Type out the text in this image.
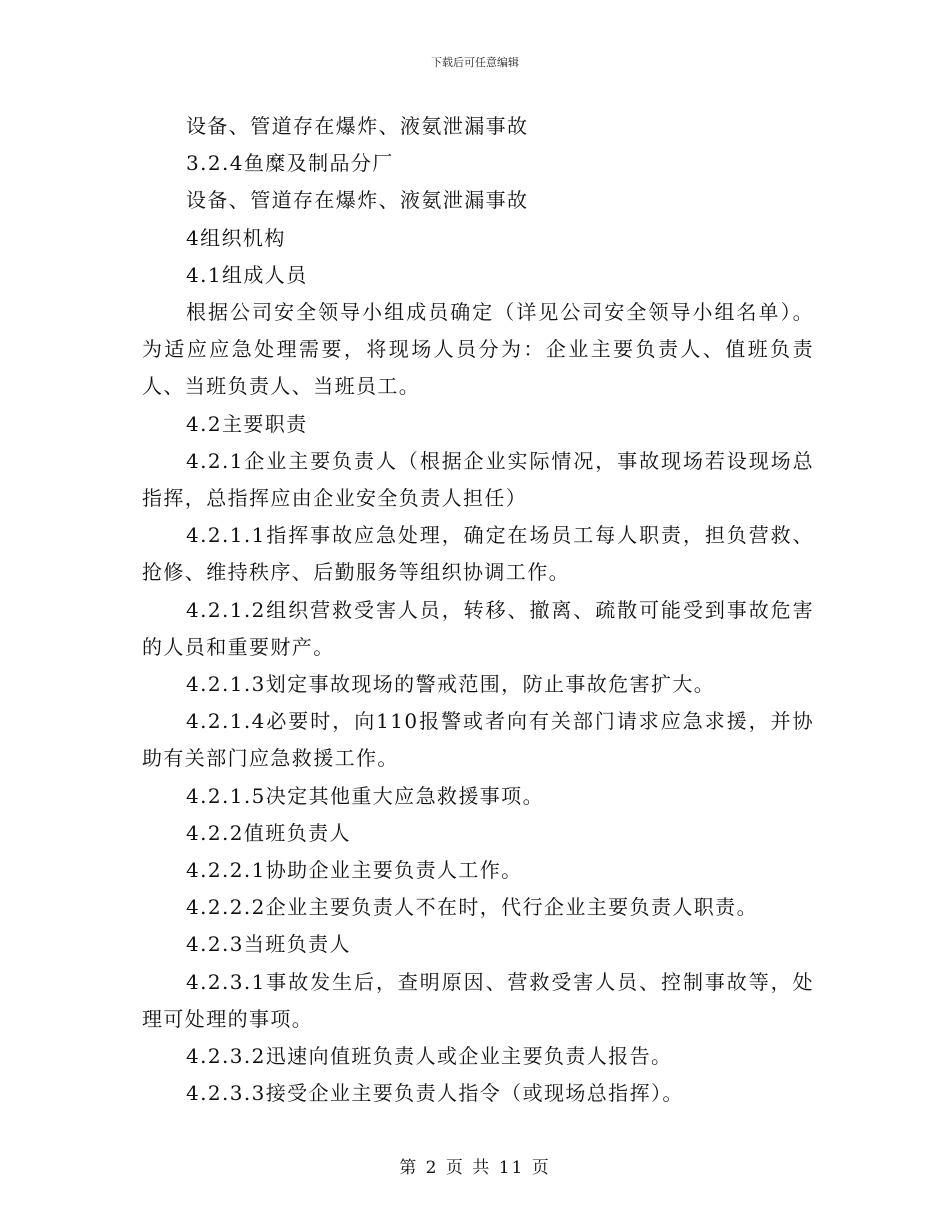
下载后可任意编辑

设备、管道存在爆炸、液氨泄漏事故

3.2.4鱼糜及制品分厂

设备、管道存在爆炸、液氨泄漏事故

4组织机构

4.1组成人员

根据公司安全领导小组成员确定（详见公司安全领导小组名单）。为适应应急处理需要，将现场人员分为：企业主要负责人、值班负责人、当班负责人、当班员工。

4.2主要职责

4.2.1企业主要负责人（根据企业实际情况，事故现场若设现场总指挥，总指挥应由企业安全负责人担任）

4.2.1.1指挥事故应急处理，确定在场员工每人职责，担负营救、抢修、维持秩序、后勤服务等组织协调工作。

4.2.1.2组织营救受害人员，转移、撤离、疏散可能受到事故危害的人员和重要财产。

4.2.1.3划定事故现场的警戒范围，防止事故危害扩大。

4.2.1.4必要时，向110报警或者向有关部门请求应急求援，并协助有关部门应急救援工作。

4.2.1.5决定其他重大应急救援事项。

4.2.2值班负责人

4.2.2.1协助企业主要负责人工作。

4.2.2.2企业主要负责人不在时，代行企业主要负责人职责。

4.2.3当班负责人

4.2.3.1事故发生后，查明原因、营救受害人员、控制事故等，处理可处理的事项。

4.2.3.2迅速向值班负责人或企业主要负责人报告。

4.2.3.3接受企业主要负责人指令（或现场总指挥）。

第 2 页 共 11 页
